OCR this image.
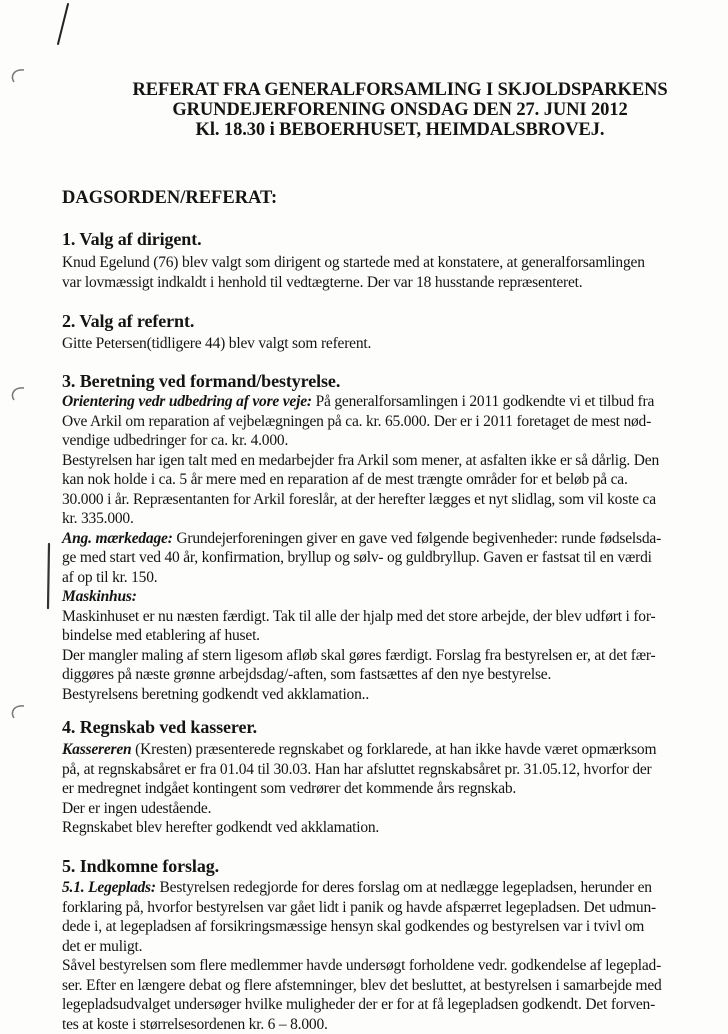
REFERAT FRA GENERALFORSAMLING I SKJOLDSPARKENS
GRUNDEJERFORENING ONSDAG DEN 27. JUNI 2012
Kl. 18.30 i BEBOERHUSET, HEIMDALSBROVEJ.
DAGSORDEN/REFERAT:
1. Valg af dirigent.
Knud Egelund (76) blev valgt som dirigent og startede med at konstatere, at generalforsamlingen
var lovmæssigt indkaldt i henhold til vedtægterne. Der var 18 husstande repræsenteret.
2. Valg af refernt.
Gitte Petersen(tidligere 44) blev valgt som referent.
3. Beretning ved formand/bestyrelse.
Orientering vedr udbedring af vore veje: På generalforsamlingen i 2011 godkendte vi et tilbud fra
Ove Arkil om reparation af vejbelægningen på ca. kr. 65.000. Der er i 2011 foretaget de mest nød-
vendige udbedringer for ca. kr. 4.000.
Bestyrelsen har igen talt med en medarbejder fra Arkil som mener, at asfalten ikke er så dårlig. Den
kan nok holde i ca. 5 år mere med en reparation af de mest trængte områder for et beløb på ca.
30.000 i år. Repræsentanten for Arkil foreslår, at der herefter lægges et nyt slidlag, som vil koste ca
kr. 335.000.
Ang. mærkedage: Grundejerforeningen giver en gave ved følgende begivenheder: runde fødselsda-
ge med start ved 40 år, konfirmation, bryllup og sølv- og guldbryllup. Gaven er fastsat til en værdi
af op til kr. 150.
Maskinhus:
Maskinhuset er nu næsten færdigt. Tak til alle der hjalp med det store arbejde, der blev udført i for-
bindelse med etablering af huset.
Der mangler maling af stern ligesom afløb skal gøres færdigt. Forslag fra bestyrelsen er, at det fær-
diggøres på næste grønne arbejdsdag/-aften, som fastsættes af den nye bestyrelse.
Bestyrelsens beretning godkendt ved akklamation..
4. Regnskab ved kasserer.
Kassereren (Kresten) præsenterede regnskabet og forklarede, at han ikke havde været opmærksom
på, at regnskabsåret er fra 01.04 til 30.03. Han har afsluttet regnskabsåret pr. 31.05.12, hvorfor der
er medregnet indgået kontingent som vedrører det kommende års regnskab.
Der er ingen udestående.
Regnskabet blev herefter godkendt ved akklamation.
5. Indkomne forslag.
5.1. Legeplads: Bestyrelsen redegjorde for deres forslag om at nedlægge legepladsen, herunder en
forklaring på, hvorfor bestyrelsen var gået lidt i panik og havde afspærret legepladsen. Det udmun-
dede i, at legepladsen af forsikringsmæssige hensyn skal godkendes og bestyrelsen var i tvivl om
det er muligt.
Såvel bestyrelsen som flere medlemmer havde undersøgt forholdene vedr. godkendelse af legeplad-
ser. Efter en længere debat og flere afstemninger, blev det besluttet, at bestyrelsen i samarbejde med
legepladsudvalget undersøger hvilke muligheder der er for at få legepladsen godkendt. Det forven-
tes at koste i størrelsesordenen kr. 6 – 8.000.
